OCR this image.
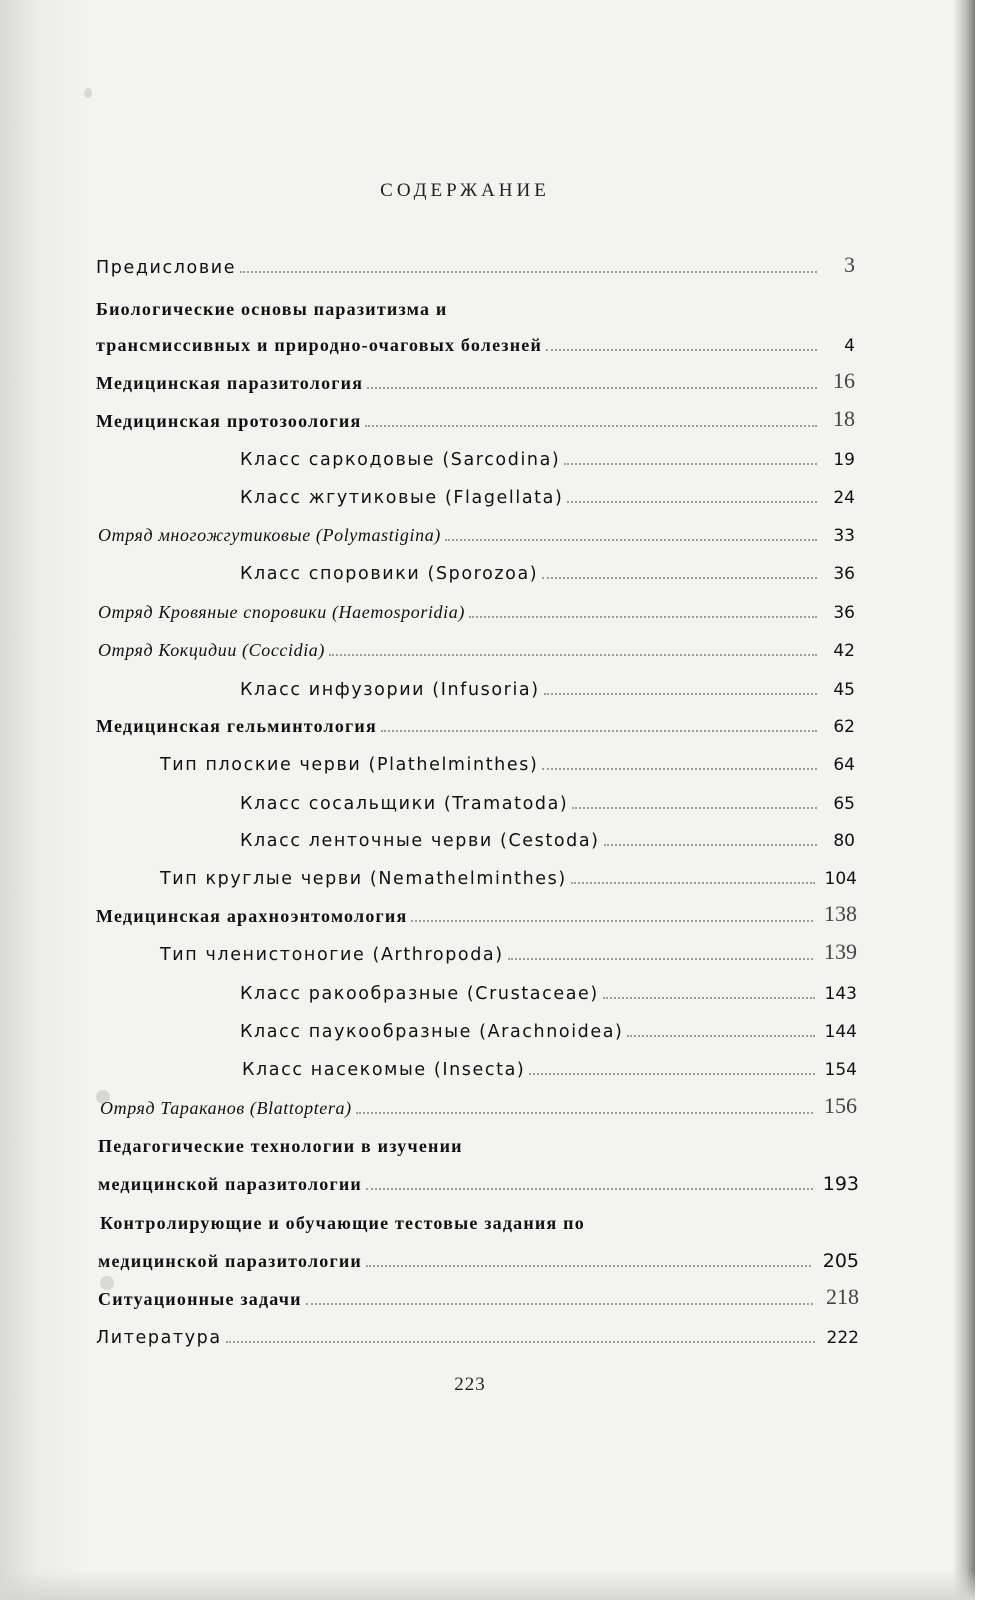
СОДЕРЖАНИЕ
Предисловие	3
Биологические основы паразитизма и
трансмиссивных и природно-очаговых болезней	4
Медицинская паразитология	16
Медицинская протозоология	18
Класс саркодовые (Sarcodina)	19
Класс жгутиковые (Flagellata)	24
Отряд многожгутиковые (Polymastigina)	33
Класс споровики (Sporozoa)	36
Отряд Кровяные споровики (Haemosporidia)	36
Отряд Кокцидии (Coccidia)	42
Класс инфузории (Infusoria)	45
Медицинская гельминтология	62
Тип плоские черви (Plathelminthes)	64
Класс сосальщики (Tramatoda)	65
Класс ленточные черви (Cestoda)	80
Тип круглые черви (Nemathelminthes)	104
Медицинская арахноэнтомология	138
Тип членистоногие (Arthropoda)	139
Класс ракообразные (Crustaceae)	143
Класс паукообразные (Arachnoidea)	144
Класс насекомые (Insecta)	154
Отряд Тараканов (Blattoptera)	156
Педагогические технологии в изучении
медицинской паразитологии	193
Контролирующие и обучающие тестовые задания по
медицинской паразитологии	205
Ситуационные задачи	218
Литература	222
223
